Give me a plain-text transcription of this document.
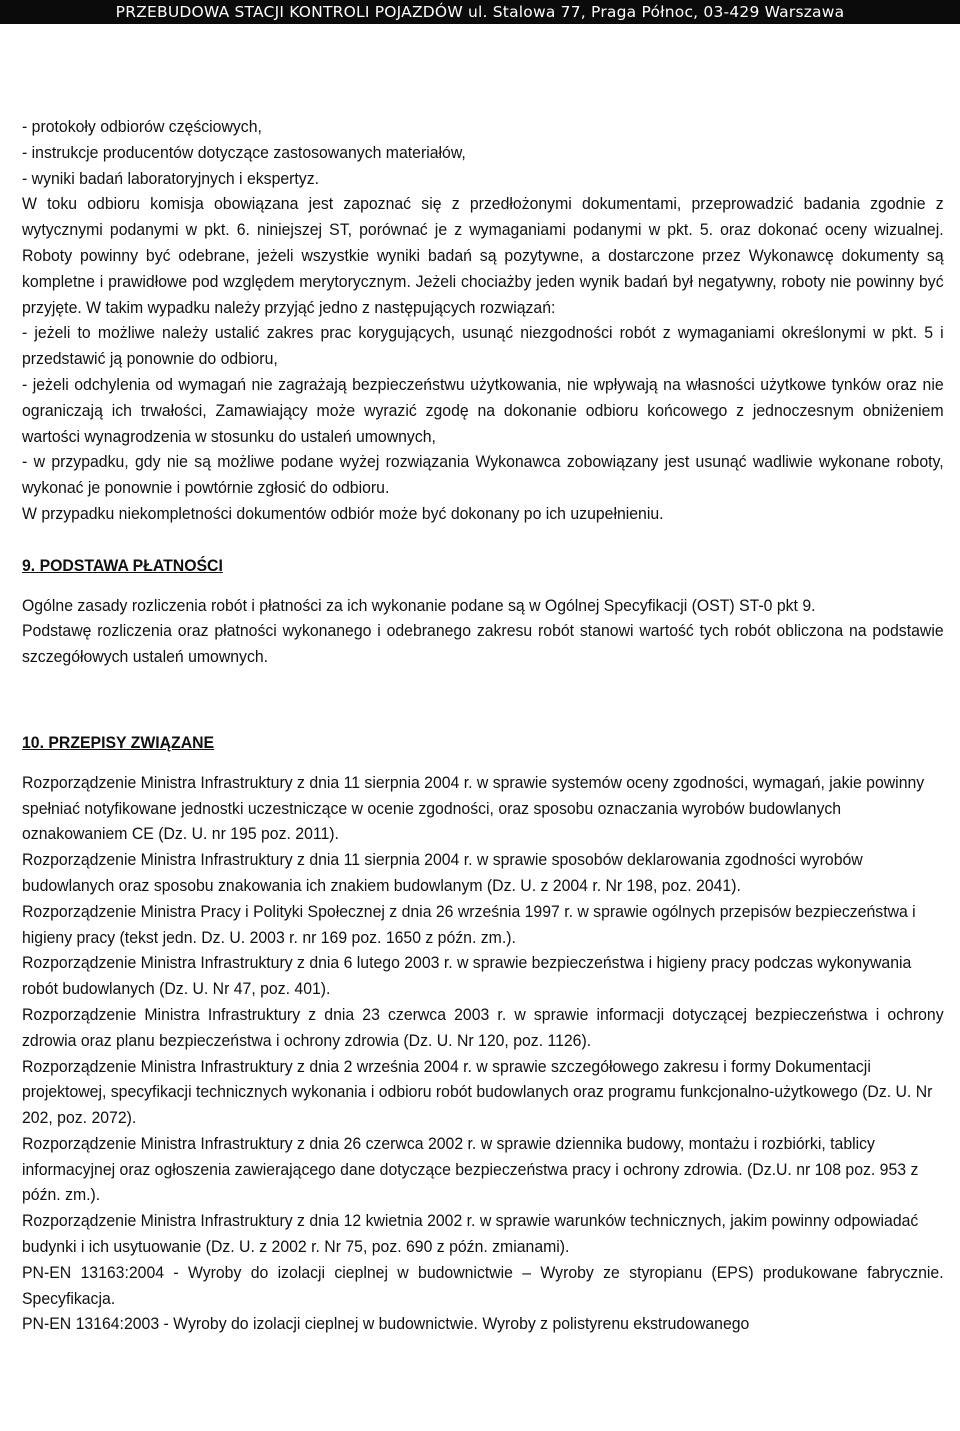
PRZEBUDOWA STACJI KONTROLI POJAZDÓW ul. Stalowa 77, Praga Północ, 03-429 Warszawa

- protokoły odbiorów częściowych,

- instrukcje producentów dotyczące zastosowanych materiałów,

- wyniki badań laboratoryjnych i ekspertyz.

W toku odbioru komisja obowiązana jest zapoznać się z przedłożonymi dokumentami, przeprowadzić badania zgodnie z wytycznymi podanymi w pkt. 6. niniejszej ST, porównać je z wymaganiami podanymi w pkt. 5. oraz dokonać oceny wizualnej. Roboty powinny być odebrane, jeżeli wszystkie wyniki badań są pozytywne, a dostarczone przez Wykonawcę dokumenty są kompletne i prawidłowe pod względem merytorycznym. Jeżeli chociażby jeden wynik badań był negatywny, roboty nie powinny być przyjęte. W takim wypadku należy przyjąć jedno z następujących rozwiązań:

- jeżeli to możliwe należy ustalić zakres prac korygujących, usunąć niezgodności robót z wymaganiami określonymi w pkt. 5 i przedstawić ją ponownie do odbioru,

- jeżeli odchylenia od wymagań nie zagrażają bezpieczeństwu użytkowania, nie wpływają na własności użytkowe tynków oraz nie ograniczają ich trwałości, Zamawiający może wyrazić zgodę na dokonanie odbioru końcowego z jednoczesnym obniżeniem wartości wynagrodzenia w stosunku do ustaleń umownych,

- w przypadku, gdy nie są możliwe podane wyżej rozwiązania Wykonawca zobowiązany jest usunąć wadliwie wykonane roboty, wykonać je ponownie i powtórnie zgłosić do odbioru.

W przypadku niekompletności dokumentów odbiór może być dokonany po ich uzupełnieniu.

9. PODSTAWA PŁATNOŚCI

Ogólne zasady rozliczenia robót i płatności za ich wykonanie podane są w Ogólnej Specyfikacji (OST) ST-0 pkt 9.

Podstawę rozliczenia oraz płatności wykonanego i odebranego zakresu robót stanowi wartość tych robót obliczona na podstawie szczegółowych ustaleń umownych.

10. PRZEPISY ZWIĄZANE

Rozporządzenie Ministra Infrastruktury z dnia 11 sierpnia 2004 r. w sprawie systemów oceny zgodności, wymagań, jakie powinny spełniać notyfikowane jednostki uczestniczące w ocenie zgodności, oraz sposobu oznaczania wyrobów budowlanych oznakowaniem CE (Dz. U. nr 195 poz. 2011).

Rozporządzenie Ministra Infrastruktury z dnia 11 sierpnia 2004 r. w sprawie sposobów deklarowania zgodności wyrobów budowlanych oraz sposobu znakowania ich znakiem budowlanym (Dz. U. z 2004 r. Nr 198, poz. 2041).

Rozporządzenie Ministra Pracy i Polityki Społecznej z dnia 26 września 1997 r. w sprawie ogólnych przepisów bezpieczeństwa i higieny pracy (tekst jedn. Dz. U. 2003 r. nr 169 poz. 1650 z późn. zm.).

Rozporządzenie Ministra Infrastruktury z dnia 6 lutego 2003 r. w sprawie bezpieczeństwa i higieny pracy podczas wykonywania robót budowlanych (Dz. U. Nr 47, poz. 401).

Rozporządzenie Ministra Infrastruktury z dnia 23 czerwca 2003 r. w sprawie informacji dotyczącej bezpieczeństwa i ochrony zdrowia oraz planu bezpieczeństwa i ochrony zdrowia (Dz. U. Nr 120, poz. 1126).

Rozporządzenie Ministra Infrastruktury z dnia 2 września 2004 r. w sprawie szczegółowego zakresu i formy Dokumentacji projektowej, specyfikacji technicznych wykonania i odbioru robót budowlanych oraz programu funkcjonalno-użytkowego (Dz. U. Nr 202, poz. 2072).

Rozporządzenie Ministra Infrastruktury z dnia 26 czerwca 2002 r. w sprawie dziennika budowy, montażu i rozbiórki, tablicy informacyjnej oraz ogłoszenia zawierającego dane dotyczące bezpieczeństwa pracy i ochrony zdrowia. (Dz.U. nr 108 poz. 953 z późn. zm.).

Rozporządzenie Ministra Infrastruktury z dnia 12 kwietnia 2002 r. w sprawie warunków technicznych, jakim powinny odpowiadać budynki i ich usytuowanie (Dz. U. z 2002 r. Nr 75, poz. 690 z późn. zmianami).

PN-EN 13163:2004 - Wyroby do izolacji cieplnej w budownictwie – Wyroby ze styropianu (EPS) produkowane fabrycznie. Specyfikacja.

PN-EN 13164:2003 - Wyroby do izolacji cieplnej w budownictwie. Wyroby z polistyrenu ekstrudowanego
